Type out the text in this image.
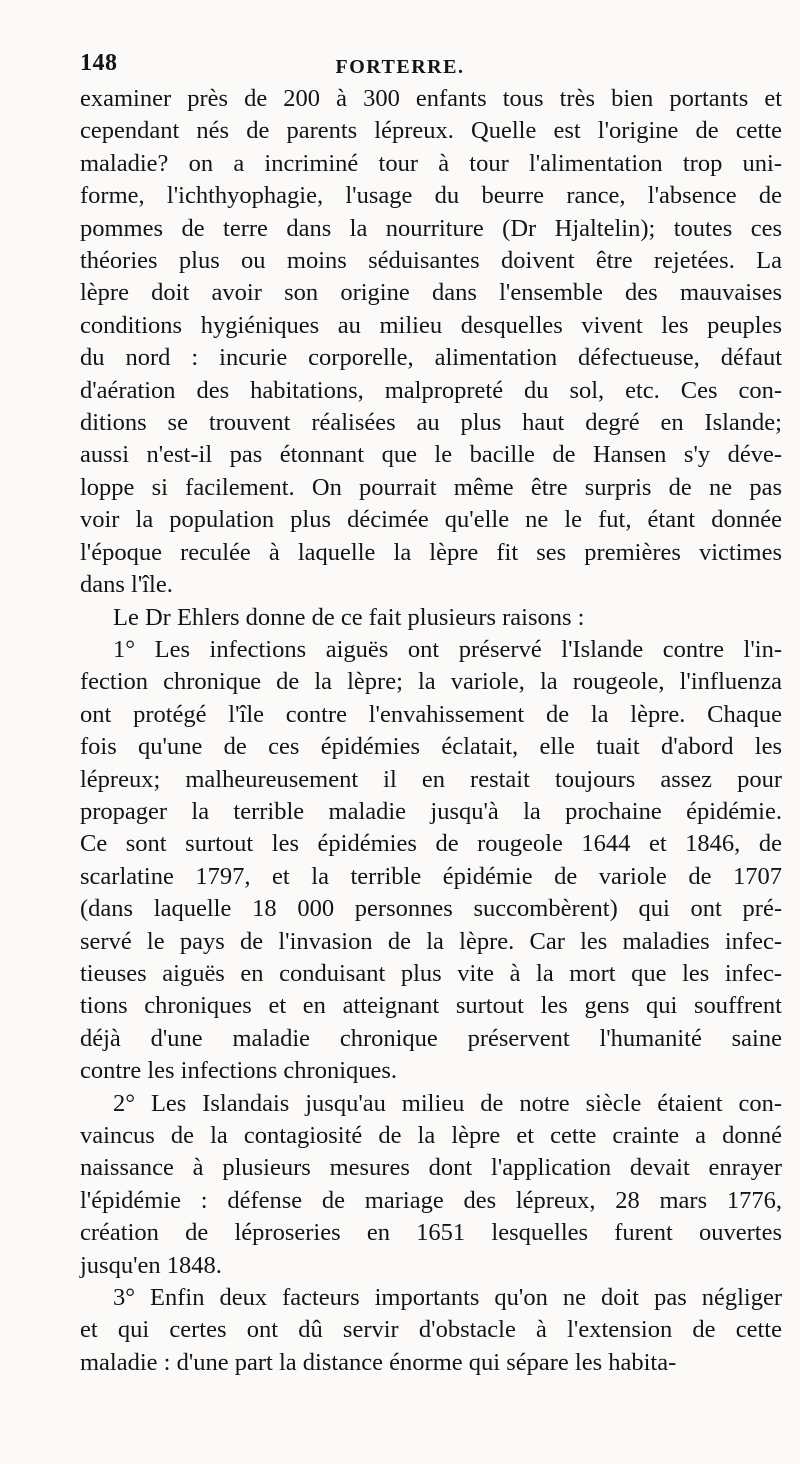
148	FORTERRE.

examiner près de 200 à 300 enfants tous très bien portants et
cependant nés de parents lépreux. Quelle est l'origine de cette
maladie? on a incriminé tour à tour l'alimentation trop uni-
forme, l'ichthyophagie, l'usage du beurre rance, l'absence de
pommes de terre dans la nourriture (Dr Hjaltelin); toutes ces
théories plus ou moins séduisantes doivent être rejetées. La
lèpre doit avoir son origine dans l'ensemble des mauvaises
conditions hygiéniques au milieu desquelles vivent les peuples
du nord : incurie corporelle, alimentation défectueuse, défaut
d'aération des habitations, malpropreté du sol, etc. Ces con-
ditions se trouvent réalisées au plus haut degré en Islande;
aussi n'est-il pas étonnant que le bacille de Hansen s'y déve-
loppe si facilement. On pourrait même être surpris de ne pas
voir la population plus décimée qu'elle ne le fut, étant donnée
l'époque reculée à laquelle la lèpre fit ses premières victimes
dans l'île.

Le Dr Ehlers donne de ce fait plusieurs raisons :

1° Les infections aiguës ont préservé l'Islande contre l'in-
fection chronique de la lèpre; la variole, la rougeole, l'influenza
ont protégé l'île contre l'envahissement de la lèpre. Chaque
fois qu'une de ces épidémies éclatait, elle tuait d'abord les
lépreux; malheureusement il en restait toujours assez pour
propager la terrible maladie jusqu'à la prochaine épidémie.
Ce sont surtout les épidémies de rougeole 1644 et 1846, de
scarlatine 1797, et la terrible épidémie de variole de 1707
(dans laquelle 18 000 personnes succombèrent) qui ont pré-
servé le pays de l'invasion de la lèpre. Car les maladies infec-
tieuses aiguës en conduisant plus vite à la mort que les infec-
tions chroniques et en atteignant surtout les gens qui souffrent
déjà d'une maladie chronique préservent l'humanité saine
contre les infections chroniques.

2° Les Islandais jusqu'au milieu de notre siècle étaient con-
vaincus de la contagiosité de la lèpre et cette crainte a donné
naissance à plusieurs mesures dont l'application devait enrayer
l'épidémie : défense de mariage des lépreux, 28 mars 1776,
création de léproseries en 1651 lesquelles furent ouvertes
jusqu'en 1848.

3° Enfin deux facteurs importants qu'on ne doit pas négliger
et qui certes ont dû servir d'obstacle à l'extension de cette
maladie : d'une part la distance énorme qui sépare les habita-
